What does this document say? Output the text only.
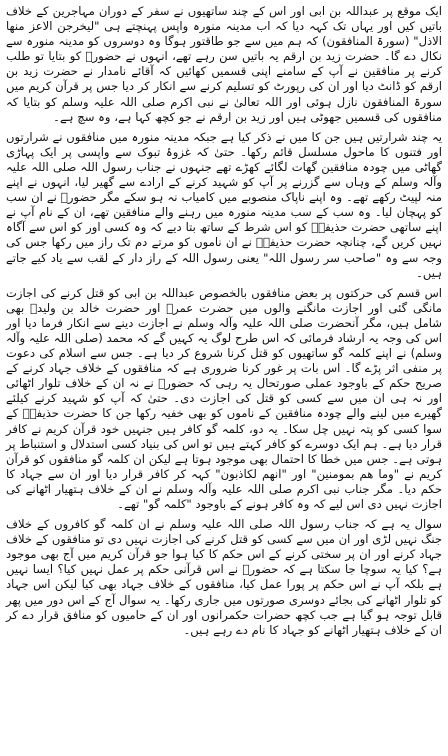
ایک موقع پر عبداللہ بن ابی اور اس کے چند ساتھیوں نے سفر کے دوران مہاجرین کے خلاف باتیں کیں اور یہاں تک کہہ دیا کہ اب مدینہ منورہ واپس پہنچتے ہی "لیخرجن الاعز منھا الاذل" (سورۃ المنافقون) کہ ہم میں سے جو طاقتور ہوگا وہ دوسروں کو مدینہ منورہ سے نکال دے گا۔ حضرت زید بن ارقم یہ باتیں سن رہے تھے، انہوں نے حضورؐ کو بتایا تو طلب کرنے پر منافقین نے آپ کے سامنے اپنی قسمیں کھائیں کہ آقائے نامدار نے حضرت زید بن ارقم کو ڈانٹ دیا اور ان کی رپورٹ کو تسلیم کرنے سے انکار کر دیا جس پر قرآن کریم میں سورۃ المنافقون نازل ہوئی اور اللہ تعالیٰ نے نبی اکرم صلی اللہ علیہ وسلم کو بتایا کہ منافقوں کی قسمیں جھوٹی ہیں اور زید بن ارقم نے جو کچھ کہا ہے، وہ سچ ہے۔

یہ چند شرارتیں ہیں جن کا میں نے ذکر کیا ہے جبکہ مدینہ منورہ میں منافقوں نے شرارتوں اور فتنوں کا ماحول مسلسل قائم رکھا۔ حتیٰ کہ غزوۂ تبوک سے واپسی پر ایک پہاڑی گھاٹی میں چودہ منافقین گھات لگائے کھڑے تھے جنہوں نے جناب رسول اللہ صلی اللہ علیہ وآلہ وسلم کے وہاں سے گزرنے پر آپ کو شہید کرنے کے ارادے سے گھیر لیا، انہوں نے اپنے منہ لپیٹ رکھے تھے۔ وہ اپنے ناپاک منصوبے میں کامیاب نہ ہو سکے مگر حضورؐ نے ان سب کو پہچان لیا۔ وہ سب کے سب مدینہ منورہ میں رہنے والے منافقین تھے، ان کے نام آپ نے اپنے ساتھی حضرت حذیفہؓ کو اس شرط کے ساتھ بتا دیے کہ وہ کسی اور کو اس سے آگاہ نہیں کریں گے، چنانچہ حضرت حذیفہؓ نے ان ناموں کو مرتے دم تک راز میں رکھا جس کی وجہ سے وہ "صاحب سر رسول اللہ" یعنی رسول اللہ کے راز دار کے لقب سے یاد کیے جاتے ہیں۔

اس قسم کی حرکتوں پر بعض منافقوں بالخصوص عبداللہ بن ابی کو قتل کرنے کی اجازت مانگی گئی اور اجازت مانگنے والوں میں حضرت عمرؓ اور حضرت خالد بن ولیدؓ بھی شامل ہیں، مگر آنحضرت صلی اللہ علیہ وآلہ وسلم نے اجازت دینے سے انکار فرما دیا اور اس کی وجہ یہ ارشاد فرمائی کہ اس طرح لوگ یہ کہیں گے کہ محمد (صلی اللہ علیہ وآلہ وسلم) نے اپنے کلمہ گو ساتھیوں کو قتل کرنا شروع کر دیا ہے۔ جس سے اسلام کی دعوت پر منفی اثر پڑے گا۔ اس بات پر غور کرنا ضروری ہے کہ منافقوں کے خلاف جہاد کرنے کے صریح حکم کے باوجود عملی صورتحال یہ رہی کہ حضورؐ نے نہ ان کے خلاف تلوار اٹھائی اور نہ ہی ان میں سے کسی کو قتل کی اجازت دی۔ حتیٰ کہ آپ کو شہید کرنے کیلئے گھیرے میں لینے والے چودہ منافقین کے ناموں کو بھی خفیہ رکھا جن کا حضرت حذیفہؓ کے سوا کسی کو پتہ نہیں چل سکا۔ یہ دو، کلمہ گو کافر ہیں جنہیں خود قرآن کریم نے کافر قرار دیا ہے۔ ہم ایک دوسرے کو کافر کہتے ہیں تو اس کی بنیاد کسی استدلال و استنباط پر ہوتی ہے۔ جس میں خطا کا احتمال بھی موجود ہوتا ہے لیکن ان کلمہ گو منافقوں کو قرآن کریم نے "وما ھم بمومنین" اور "انھم لکاذبون" کہہ کر کافر قرار دیا اور ان سے جہاد کا حکم دیا۔ مگر جناب نبی اکرم صلی اللہ علیہ وآلہ وسلم نے ان کے خلاف ہتھیار اٹھانے کی اجازت نہیں دی اس لیے کہ وہ کافر ہونے کے باوجود "کلمہ گو" تھے۔

سوال یہ ہے کہ جناب رسول اللہ صلی اللہ علیہ وسلم نے ان کلمہ گو کافروں کے خلاف جنگ نہیں لڑی اور ان میں سے کسی کو قتل کرنے کی اجازت نہیں دی تو منافقوں کے خلاف جہاد کرنے اور ان پر سختی کرنے کے اس حکم کا کیا ہوا جو قرآن کریم میں آج بھی موجود ہے؟ کیا یہ سوچا جا سکتا ہے کہ حضورؐ نے اس قرآنی حکم پر عمل نہیں کیا؟ ایسا نہیں ہے بلکہ آپ نے اس حکم پر پورا عمل کیا، منافقوں کے خلاف جہاد بھی کیا لیکن اس جہاد کو تلوار اٹھانے کی بجائے دوسری صورتوں میں جاری رکھا۔ یہ سوال آج کے اس دور میں پھر قابل توجہ ہو گیا ہے جب کچھ حضرات حکمرانوں اور ان کے حامیوں کو منافق قرار دے کر ان کے خلاف ہتھیار اٹھانے کو جہاد کا نام دے رہے ہیں۔
